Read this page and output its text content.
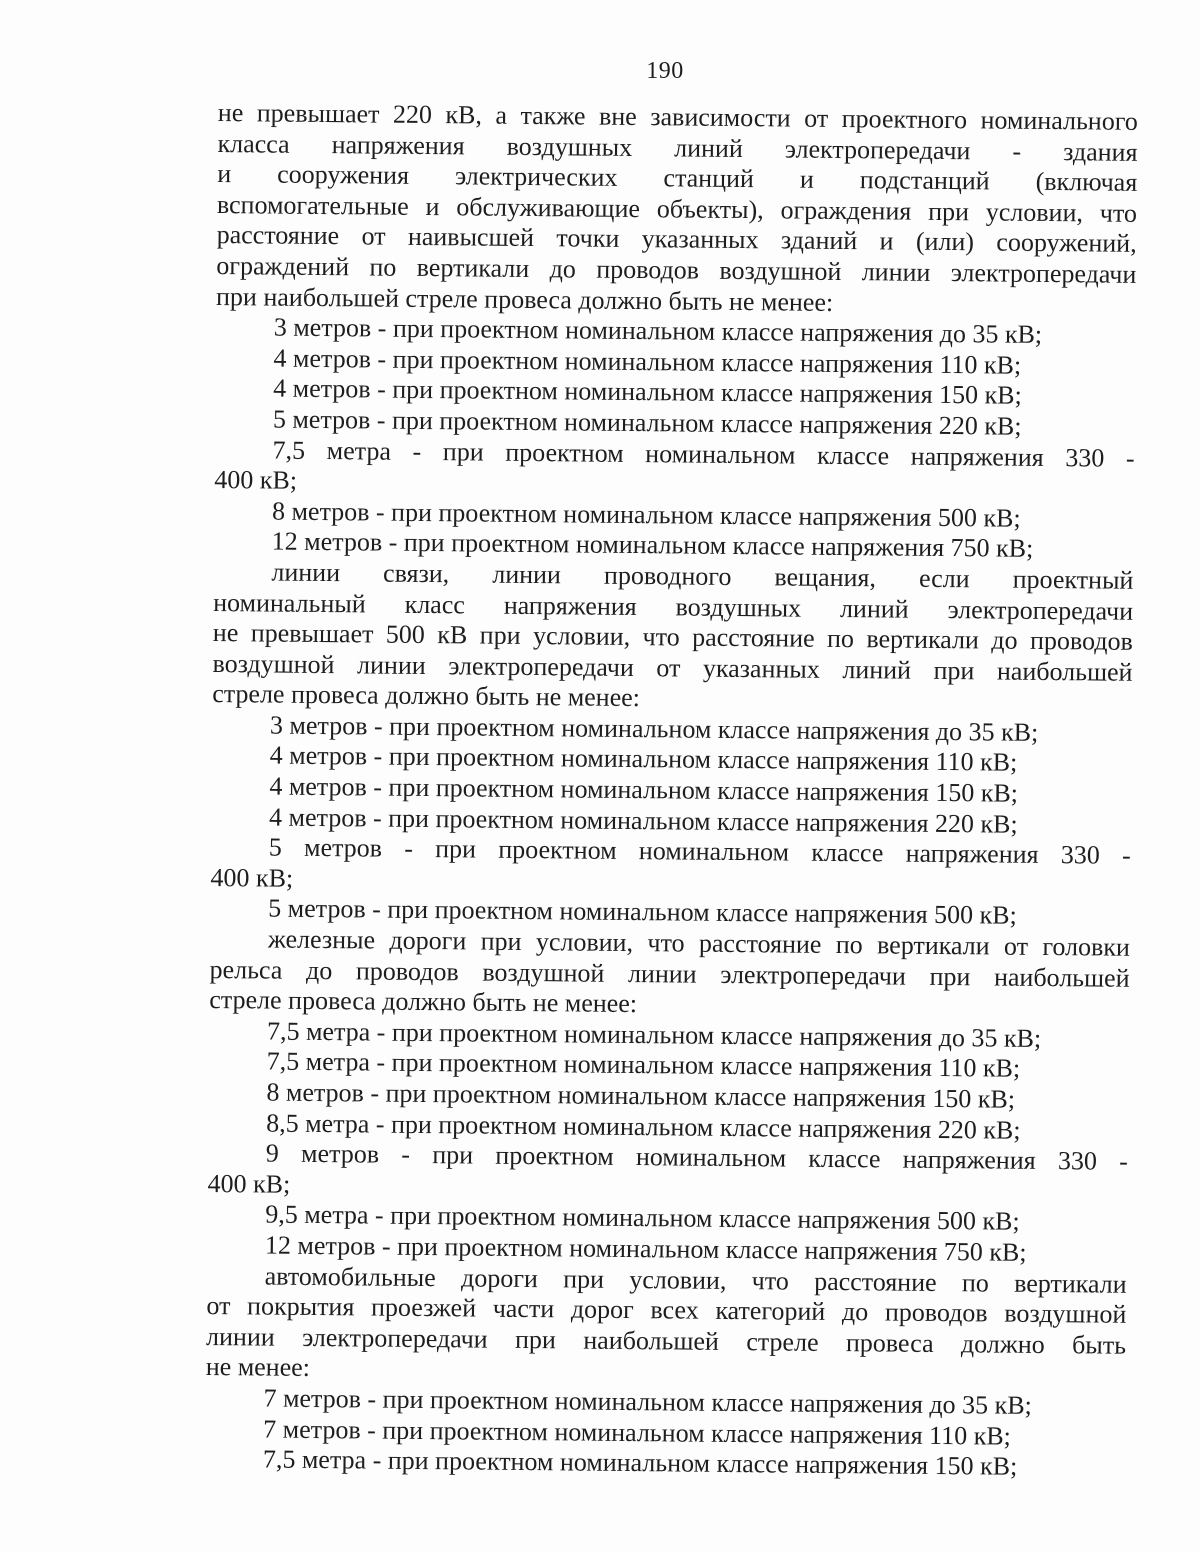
190
не превышает 220 кВ, а также вне зависимости от проектного номинального
класса напряжения воздушных линий электропередачи - здания
и сооружения электрических станций и подстанций (включая
вспомогательные и обслуживающие объекты), ограждения при условии, что
расстояние от наивысшей точки указанных зданий и (или) сооружений,
ограждений по вертикали до проводов воздушной линии электропередачи
при наибольшей стреле провеса должно быть не менее:

3 метров - при проектном номинальном классе напряжения до 35 кВ;

4 метров - при проектном номинальном классе напряжения 110 кВ;

4 метров - при проектном номинальном классе напряжения 150 кВ;

5 метров - при проектном номинальном классе напряжения 220 кВ;

7,5 метра - при проектном номинальном классе напряжения 330 -
400 кВ;

8 метров - при проектном номинальном классе напряжения 500 кВ;

12 метров - при проектном номинальном классе напряжения 750 кВ;

линии связи, линии проводного вещания, если проектный
номинальный класс напряжения воздушных линий электропередачи
не превышает 500 кВ при условии, что расстояние по вертикали до проводов
воздушной линии электропередачи от указанных линий при наибольшей
стреле провеса должно быть не менее:

3 метров - при проектном номинальном классе напряжения до 35 кВ;

4 метров - при проектном номинальном классе напряжения 110 кВ;

4 метров - при проектном номинальном классе напряжения 150 кВ;

4 метров - при проектном номинальном классе напряжения 220 кВ;

5 метров - при проектном номинальном классе напряжения 330 -
400 кВ;

5 метров - при проектном номинальном классе напряжения 500 кВ;

железные дороги при условии, что расстояние по вертикали от головки
рельса до проводов воздушной линии электропередачи при наибольшей
стреле провеса должно быть не менее:

7,5 метра - при проектном номинальном классе напряжения до 35 кВ;

7,5 метра - при проектном номинальном классе напряжения 110 кВ;

8 метров - при проектном номинальном классе напряжения 150 кВ;

8,5 метра - при проектном номинальном классе напряжения 220 кВ;

9 метров - при проектном номинальном классе напряжения 330 -
400 кВ;

9,5 метра - при проектном номинальном классе напряжения 500 кВ;

12 метров - при проектном номинальном классе напряжения 750 кВ;

автомобильные дороги при условии, что расстояние по вертикали
от покрытия проезжей части дорог всех категорий до проводов воздушной
линии электропередачи при наибольшей стреле провеса должно быть
не менее:

7 метров - при проектном номинальном классе напряжения до 35 кВ;

7 метров - при проектном номинальном классе напряжения 110 кВ;

7,5 метра - при проектном номинальном классе напряжения 150 кВ;
